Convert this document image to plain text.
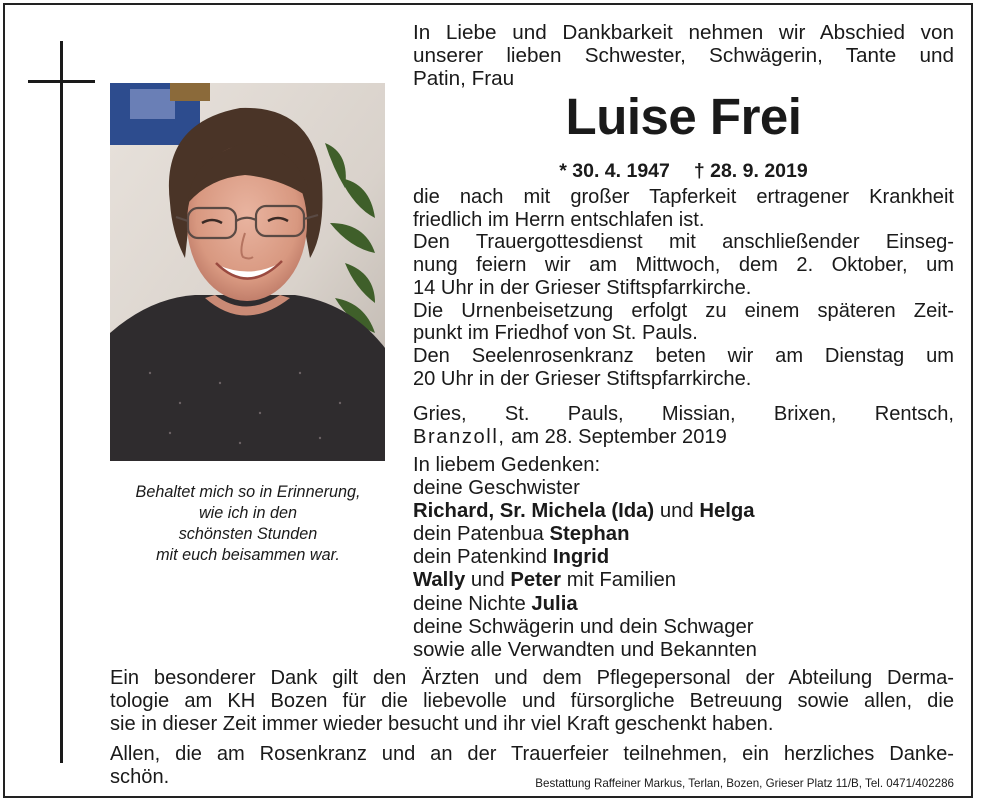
Behaltet mich so in Erinnerung,
wie ich in den
schönsten Stunden
mit euch beisammen war.
In Liebe und Dankbarkeit nehmen wir Abschied von
unserer lieben Schwester, Schwägerin, Tante und
Patin, Frau
Luise Frei
* 30. 4. 1947 † 28. 9. 2019
die nach mit großer Tapferkeit ertragener Krankheit
friedlich im Herrn entschlafen ist.
Den Trauergottesdienst mit anschließender Einseg-
nung feiern wir am Mittwoch, dem 2. Oktober, um
14 Uhr in der Grieser Stiftspfarrkirche.
Die Urnenbeisetzung erfolgt zu einem späteren Zeit-
punkt im Friedhof von St. Pauls.
Den Seelenrosenkranz beten wir am Dienstag um
20 Uhr in der Grieser Stiftspfarrkirche.
Gries, St. Pauls, Missian, Brixen, Rentsch,
Branzoll, am 28. September 2019
In liebem Gedenken:
deine Geschwister
Richard, Sr. Michela (Ida) und Helga
dein Patenbua Stephan
dein Patenkind Ingrid
Wally und Peter mit Familien
deine Nichte Julia
deine Schwägerin und dein Schwager
sowie alle Verwandten und Bekannten
Ein besonderer Dank gilt den Ärzten und dem Pflegepersonal der Abteilung Derma-
tologie am KH Bozen für die liebevolle und fürsorgliche Betreuung sowie allen, die
sie in dieser Zeit immer wieder besucht und ihr viel Kraft geschenkt haben.
Allen, die am Rosenkranz und an der Trauerfeier teilnehmen, ein herzliches Danke-
schön.	Bestattung Raffeiner Markus, Terlan, Bozen, Grieser Platz 11/B, Tel. 0471/402286
